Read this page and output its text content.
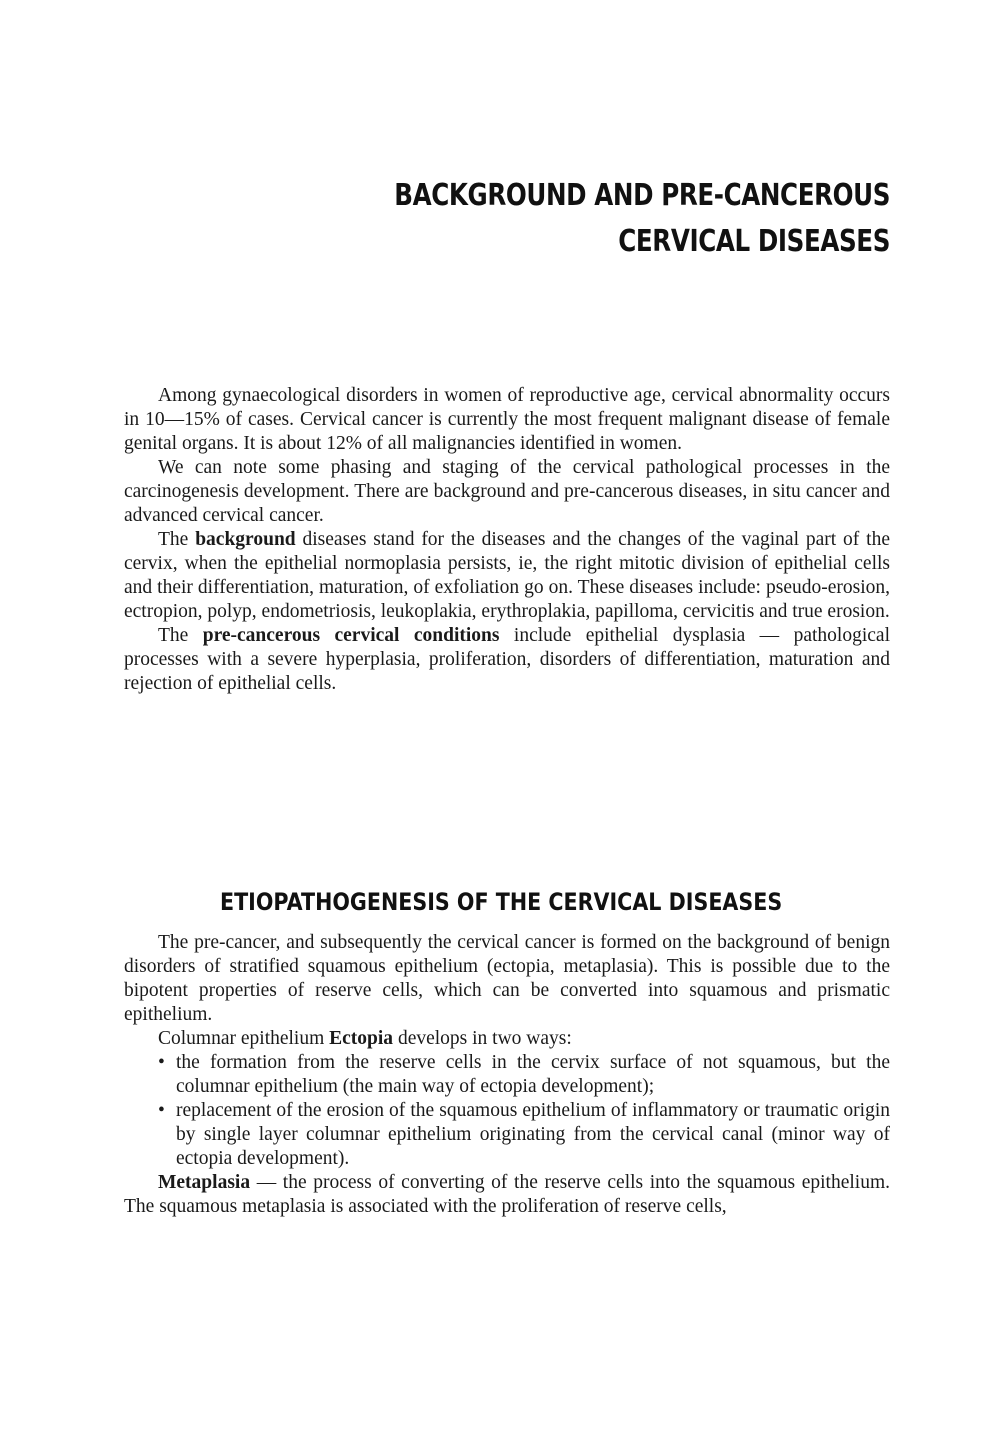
BACKGROUND AND PRE-CANCEROUS
CERVICAL DISEASES

Among gynaecological disorders in women of reproductive age, cervical abnormality occurs in 10—15% of cases. Cervical cancer is currently the most frequent malignant disease of female genital organs. It is about 12% of all malignancies identified in women.

We can note some phasing and staging of the cervical pathological processes in the carcinogenesis development. There are background and pre-cancerous diseases, in situ cancer and advanced cervical cancer.

The background diseases stand for the diseases and the changes of the vaginal part of the cervix, when the epithelial normoplasia persists, ie, the right mitotic division of epithelial cells and their differentiation, maturation, of exfoliation go on. These diseases include: pseudo-erosion, ectropion, polyp, endometriosis, leukoplakia, erythroplakia, papilloma, cervicitis and true erosion.

The pre-cancerous cervical conditions include epithelial dysplasia — pathological processes with a severe hyperplasia, proliferation, disorders of differentiation, maturation and rejection of epithelial cells.

ETIOPATHOGENESIS OF THE CERVICAL DISEASES

The pre-cancer, and subsequently the cervical cancer is formed on the background of benign disorders of stratified squamous epithelium (ectopia, metaplasia). This is possible due to the bipotent properties of reserve cells, which can be converted into squamous and prismatic epithelium.

Columnar epithelium Ectopia develops in two ways:

• the formation from the reserve cells in the cervix surface of not squamous, but the columnar epithelium (the main way of ectopia development);
• replacement of the erosion of the squamous epithelium of inflammatory or traumatic origin by single layer columnar epithelium originating from the cervical canal (minor way of ectopia development).

Metaplasia — the process of converting of the reserve cells into the squamous epithelium. The squamous metaplasia is associated with the proliferation of reserve cells,
